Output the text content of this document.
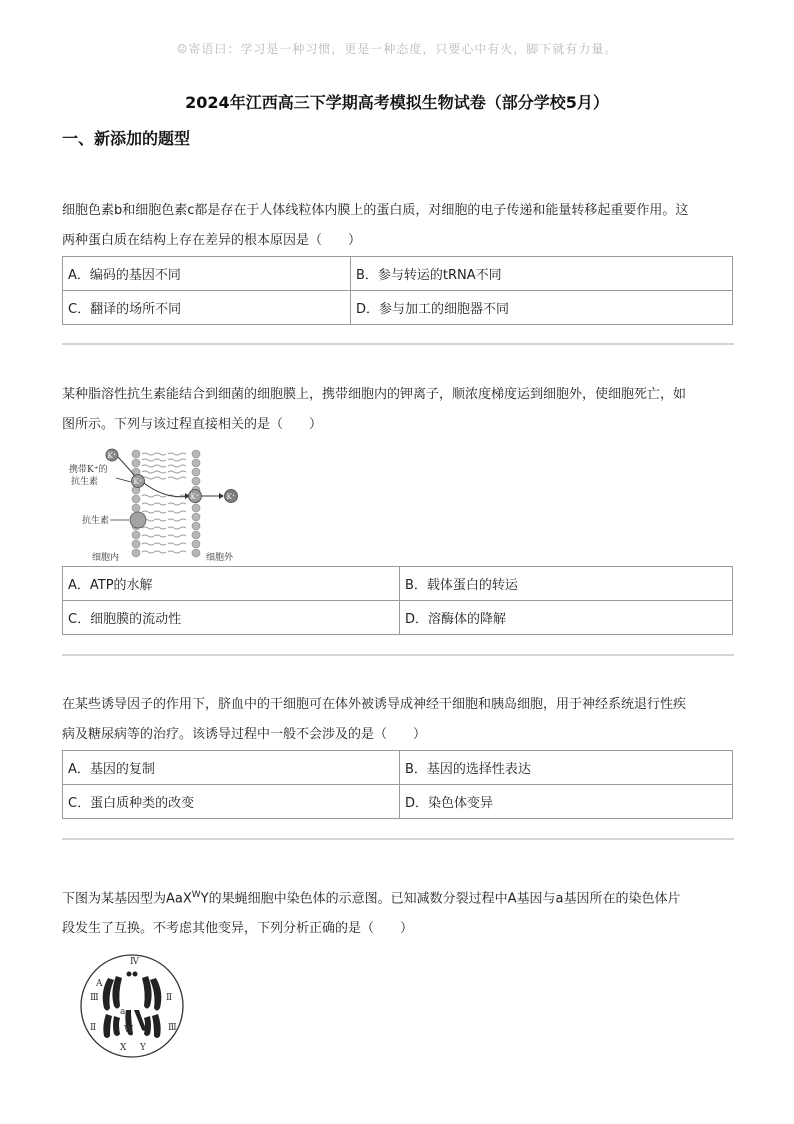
☺寄语曰：学习是一种习惯，更是一种态度，只要心中有火，脚下就有力量。
2024年江西高三下学期高考模拟生物试卷（部分学校5月）
一、新添加的题型
细胞色素b和细胞色素c都是存在于人体线粒体内膜上的蛋白质，对细胞的电子传递和能量转移起重要作用。这
两种蛋白质在结构上存在差异的根本原因是（　　）
A．编码的基因不同	B．参与转运的tRNA不同
C．翻译的场所不同	D．参与加工的细胞器不同
某种脂溶性抗生素能结合到细菌的细胞膜上，携带细胞内的钾离子，顺浓度梯度运到细胞外，使细胞死亡，如
图所示。下列与该过程直接相关的是（　　）
K⁺
K⁺
K⁺	K⁺
携带K⁺的
抗生素
抗生素
细胞内	细胞外
A．ATP的水解	B．载体蛋白的转运
C．细胞膜的流动性	D．溶酶体的降解
在某些诱导因子的作用下，脐血中的干细胞可在体外被诱导成神经干细胞和胰岛细胞，用于神经系统退行性疾
病及糖尿病等的治疗。该诱导过程中一般不会涉及的是（　　）
A．基因的复制	B．基因的选择性表达
C．蛋白质种类的改变	D．染色体变异
下图为某基因型为AaX$^W$Y的果蝇细胞中染色体的示意图。已知减数分裂过程中A基因与a基因所在的染色体片
段发生了互换。不考虑其他变异，下列分析正确的是（　　）
Ⅳ
A
Ⅲ
Ⅱ
Ⅱ
Ⅲ
a
W
X Y
